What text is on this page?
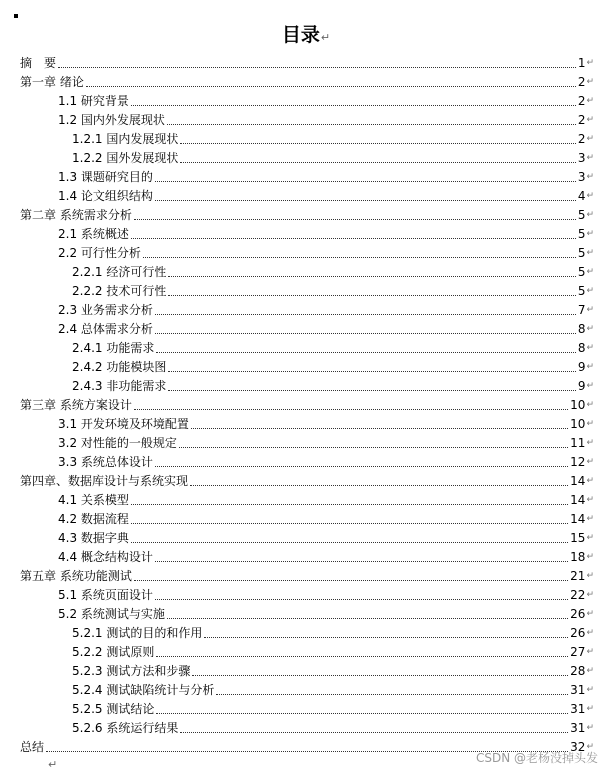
目录↵
摘　要	1 ↵
第一章 绪论	2 ↵
1.1 研究背景	2 ↵
1.2 国内外发展现状	2 ↵
1.2.1 国内发展现状	2 ↵
1.2.2 国外发展现状	3 ↵
1.3 课题研究目的	3 ↵
1.4 论文组织结构	4 ↵
第二章 系统需求分析	5 ↵
2.1 系统概述	5 ↵
2.2 可行性分析	5 ↵
2.2.1 经济可行性	5 ↵
2.2.2 技术可行性	5 ↵
2.3 业务需求分析	7 ↵
2.4 总体需求分析	8 ↵
2.4.1 功能需求	8 ↵
2.4.2 功能模块图	9 ↵
2.4.3 非功能需求	9 ↵
第三章 系统方案设计	10 ↵
3.1 开发环境及环境配置	10 ↵
3.2 对性能的一般规定	11 ↵
3.3 系统总体设计	12 ↵
第四章、数据库设计与系统实现	14 ↵
4.1 关系模型	14 ↵
4.2 数据流程	14 ↵
4.3 数据字典	15 ↵
4.4 概念结构设计	18 ↵
第五章 系统功能测试	21 ↵
5.1 系统页面设计	22 ↵
5.2 系统测试与实施	26 ↵
5.2.1 测试的目的和作用	26 ↵
5.2.2 测试原则	27 ↵
5.2.3 测试方法和步骤	28 ↵
5.2.4 测试缺陷统计与分析	31 ↵
5.2.5 测试结论	31 ↵
5.2.6 系统运行结果	31 ↵
总结	32 ↵
CSDN @老杨没掉头发
↵
